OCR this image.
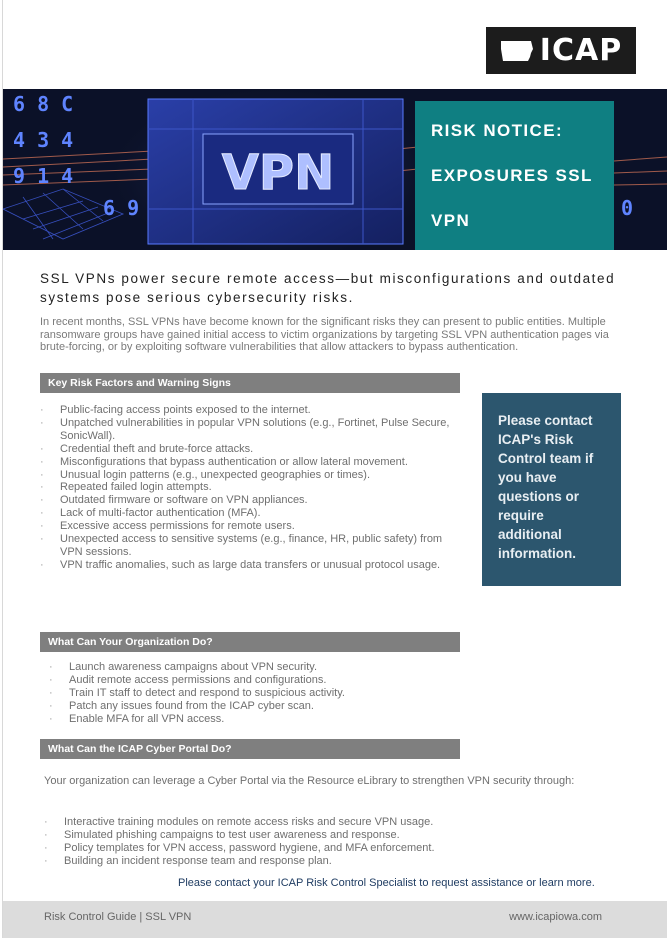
ICAP
VPN
6 8 C
4 3 4
9 1 4
6 9	0
RISK NOTICE:
EXPOSURES SSL
VPN
SSL VPNs power secure remote access—but misconfigurations and outdated systems pose serious cybersecurity risks.
In recent months, SSL VPNs have become known for the significant risks they can present to public entities. Multiple ransomware groups have gained initial access to victim organizations by targeting SSL VPN authentication pages via brute-forcing, or by exploiting software vulnerabilities that allow attackers to bypass authentication.
Key Risk Factors and Warning Signs
· Public-facing access points exposed to the internet.
· Unpatched vulnerabilities in popular VPN solutions (e.g., Fortinet, Pulse Secure, SonicWall).
· Credential theft and brute-force attacks.
· Misconfigurations that bypass authentication or allow lateral movement.
· Unusual login patterns (e.g., unexpected geographies or times).
· Repeated failed login attempts.
· Outdated firmware or software on VPN appliances.
· Lack of multi-factor authentication (MFA).
· Excessive access permissions for remote users.
· Unexpected access to sensitive systems (e.g., finance, HR, public safety) from VPN sessions.
· VPN traffic anomalies, such as large data transfers or unusual protocol usage.
Please contact ICAP's Risk Control team if you have questions or require additional information.
What Can Your Organization Do?
· Launch awareness campaigns about VPN security.
· Audit remote access permissions and configurations.
· Train IT staff to detect and respond to suspicious activity.
· Patch any issues found from the ICAP cyber scan.
· Enable MFA for all VPN access.
What Can the ICAP Cyber Portal Do?
Your organization can leverage a Cyber Portal via the Resource eLibrary to strengthen VPN security through:
· Interactive training modules on remote access risks and secure VPN usage.
· Simulated phishing campaigns to test user awareness and response.
· Policy templates for VPN access, password hygiene, and MFA enforcement.
· Building an incident response team and response plan.
Please contact your ICAP Risk Control Specialist to request assistance or learn more.
Risk Control Guide | SSL VPN	www.icapiowa.com
